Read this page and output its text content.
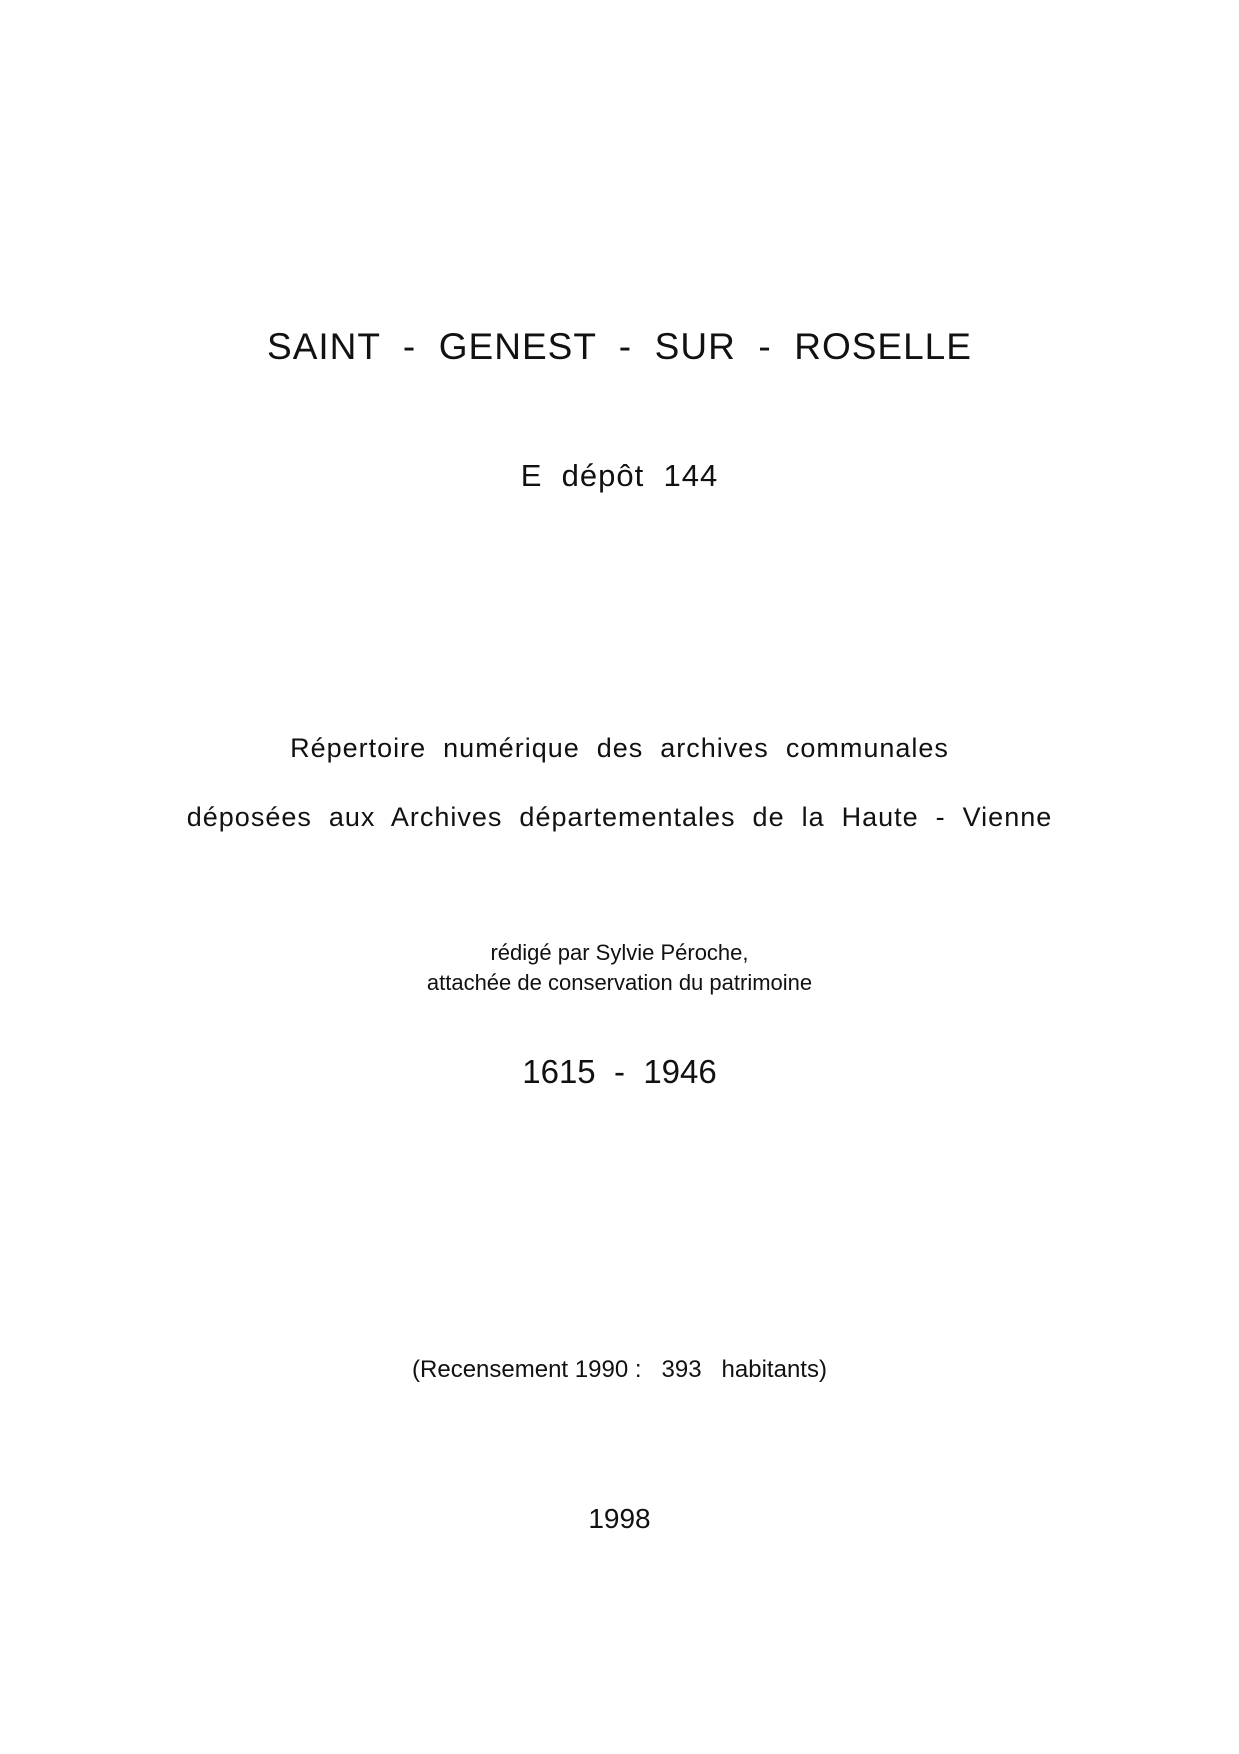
SAINT  -  GENEST  -  SUR  -  ROSELLE

E  dépôt  144

Répertoire  numérique  des  archives  communales

déposées  aux  Archives  départementales  de  la  Haute  -  Vienne

rédigé par Sylvie Péroche,

attachée de conservation du patrimoine

1615  -  1946

(Recensement 1990 :   393   habitants)

1998
